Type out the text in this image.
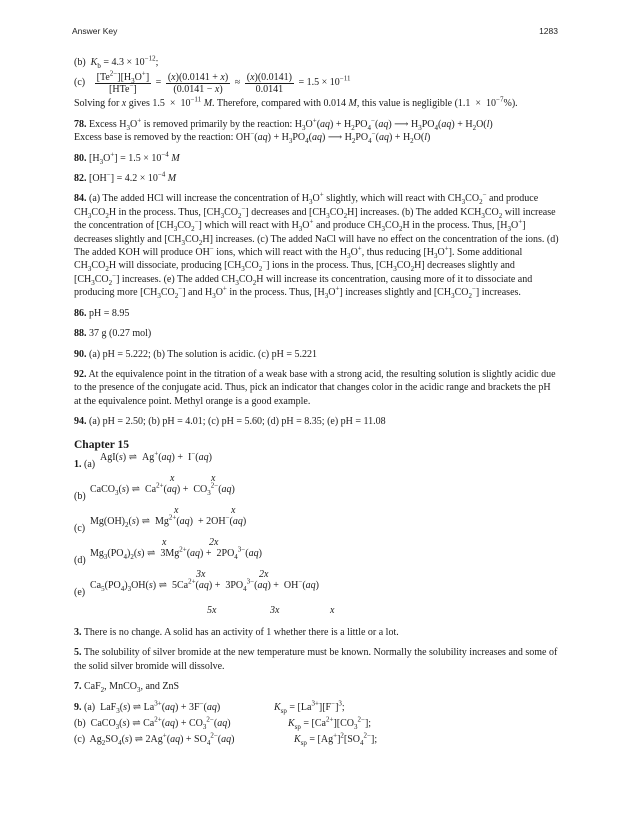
Answer Key	1283
(b) $K_b = 4.3 \times 10^{-12}$;
$(c) \frac{[Te^{2-}][H_3O^+]}{[HTe^-]} = \frac{(x)(0.0141 + x)}{(0.0141 - x)} \approx \frac{(x)(0.0141)}{0.0141} = 1.5 \times 10^{-11}$
Solving for x gives $1.5 \times 10^{-11}$ M. Therefore, compared with 0.014 M, this value is negligible $(1.1 \times 10^{-7}\%)$.
78. Excess $H_3O^+$ is removed primarily by the reaction: $H_3O^+(aq) + H_2PO_4^-(aq)$ ⟶ $H_3PO_4(aq) + H_2O(l)$
Excess base is removed by the reaction: $OH^-(aq) + H_3PO_4(aq)$ ⟶ $H_2PO_4^-(aq) + H_2O(l)$
80. $[H_3O^+] = 1.5 \times 10^{-4}$ M
82. $[OH^-] = 4.2 \times 10^{-4}$ M
84. (a) The added HCl will increase the concentration of $H_3O^+$ slightly, which will react with $CH_3CO_2^-$ and produce $CH_3CO_2H$ in the process. Thus, $[CH_3CO_2^-]$ decreases and $[CH_3CO_2H]$ increases. (b) The added $KCH_3CO_2$ will increase the concentration of $[CH_3CO_2^-]$ which will react with $H_3O^+$ and produce $CH_3CO_2H$ in the process. Thus, $[H_3O^+]$ decreases slightly and $[CH_3CO_2H]$ increases. (c) The added NaCl will have no effect on the concentration of the ions. (d) The added KOH will produce OH− ions, which will react with the $H_3O^+$, thus reducing $[H_3O^+]$. Some additional $CH_3CO_2H$ will dissociate, producing $[CH_3CO_2^-]$ ions in the process. Thus, $[CH_3CO_2H]$ decreases slightly and $[CH_3CO_2^-]$ increases. (e) The added $CH_3CO_2H$ will increase its concentration, causing more of it to dissociate and producing more $[CH_3CO_2^-]$ and $H_3O^+$ in the process. Thus, $[H_3O^+]$ increases slightly and $[CH_3CO_2^-]$ increases.
86. pH = 8.95
88. 37 g (0.27 mol)
90. (a) pH = 5.222; (b) The solution is acidic. (c) pH = 5.221
92. At the equivalence point in the titration of a weak base with a strong acid, the resulting solution is slightly acidic due to the presence of the conjugate acid. Thus, pick an indicator that changes color in the acidic range and brackets the pH at the equivalence point. Methyl orange is a good example.
94. (a) pH = 2.50; (b) pH = 4.01; (c) pH = 5.60; (d) pH = 8.35; (e) pH = 11.08
Chapter 15
1. (a)
AgI(s) ⇌  Ag+(aq) +  I−(aq)
x	x
(b)
CaCO$_3$(s) ⇌  $Ca^{2+}(aq) + CO_3^{2-}(aq)$
x	x
(c)
$Mg(OH)_2(s)$ ⇌  $Mg^{2+}(aq) + 2OH^-(aq)$
x	2x
(d)
$Mg_3(PO_4)_2(s)$ ⇌  $3Mg^{2+}(aq) + 2PO_4^{3-}(aq)$
3x	2x
(e)
$Ca_5(PO_4)_3OH(s)$ ⇌  $5Ca^{2+}(aq) + 3PO_4^{3-}(aq) + OH^-(aq)$
5x	3x	x
3. There is no change. A solid has an activity of 1 whether there is a little or a lot.
5. The solubility of silver bromide at the new temperature must be known. Normally the solubility increases and some of the solid silver bromide will dissolve.
7. CaF$_2$, MnCO$_3$, and ZnS
9. (a)  LaF$_3$(s) ⇌ $La^{3+}(aq) + 3F^-(aq)$	$K_{sp} = [La^{3+}][F^-]^3$;
(b)  CaCO$_3$(s) ⇌ $Ca^{2+}(aq) + CO_3^{2-}(aq)$	$K_{sp} = [Ca^{2+}][CO_3^{2-}]$;
(c)  $Ag_2SO_4(s)$ ⇌ $2Ag^+(aq) + SO_4^{2-}(aq)$	$K_{sp} = [Ag^+]^2[SO_4^{2-}]$;
